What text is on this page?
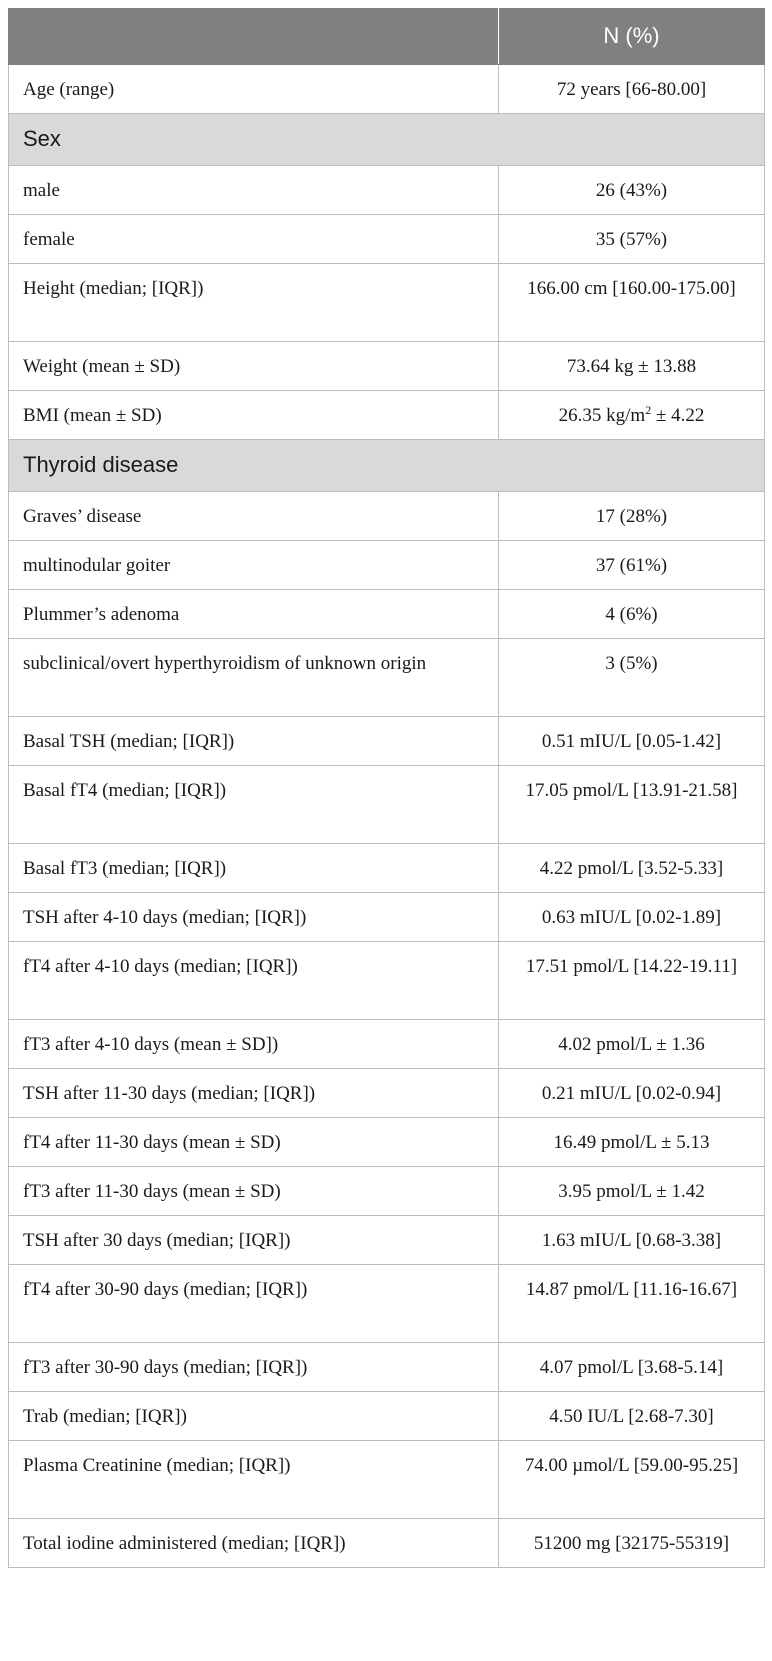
	N (%)
Age (range)	72 years [66-80.00]
Sex	
male	26 (43%)
female	35 (57%)
Height (median; [IQR])	166.00 cm [160.00-175.00]
Weight (mean ± SD)	73.64 kg ± 13.88
BMI (mean ± SD)	26.35 $kg/m^2 \pm 4.22$
Thyroid disease	
Graves’ disease	17 (28%)
multinodular goiter	37 (61%)
Plummer’s adenoma	4 (6%)
subclinical/overt hyperthyroidism of unknown origin	3 (5%)
Basal TSH (median; [IQR])	0.51 mIU/L [0.05-1.42]
Basal fT4 (median; [IQR])	17.05 pmol/L [13.91-21.58]
Basal fT3 (median; [IQR])	4.22 pmol/L [3.52-5.33]
TSH after 4-10 days (median; [IQR])	0.63 mIU/L [0.02-1.89]
fT4 after 4-10 days (median; [IQR])	17.51 pmol/L [14.22-19.11]
fT3 after 4-10 days (mean ± SD])	4.02 pmol/L ± 1.36
TSH after 11-30 days (median; [IQR])	0.21 mIU/L [0.02-0.94]
fT4 after 11-30 days (mean ± SD)	16.49 pmol/L ± 5.13
fT3 after 11-30 days (mean ± SD)	3.95 pmol/L ± 1.42
TSH after 30 days (median; [IQR])	1.63 mIU/L [0.68-3.38]
fT4 after 30-90 days (median; [IQR])	14.87 pmol/L [11.16-16.67]
fT3 after 30-90 days (median; [IQR])	4.07 pmol/L [3.68-5.14]
Trab (median; [IQR])	4.50 IU/L [2.68-7.30]
Plasma Creatinine (median; [IQR])	74.00 µmol/L [59.00-95.25]
Total iodine administered (median; [IQR])	51200 mg [32175-55319]
